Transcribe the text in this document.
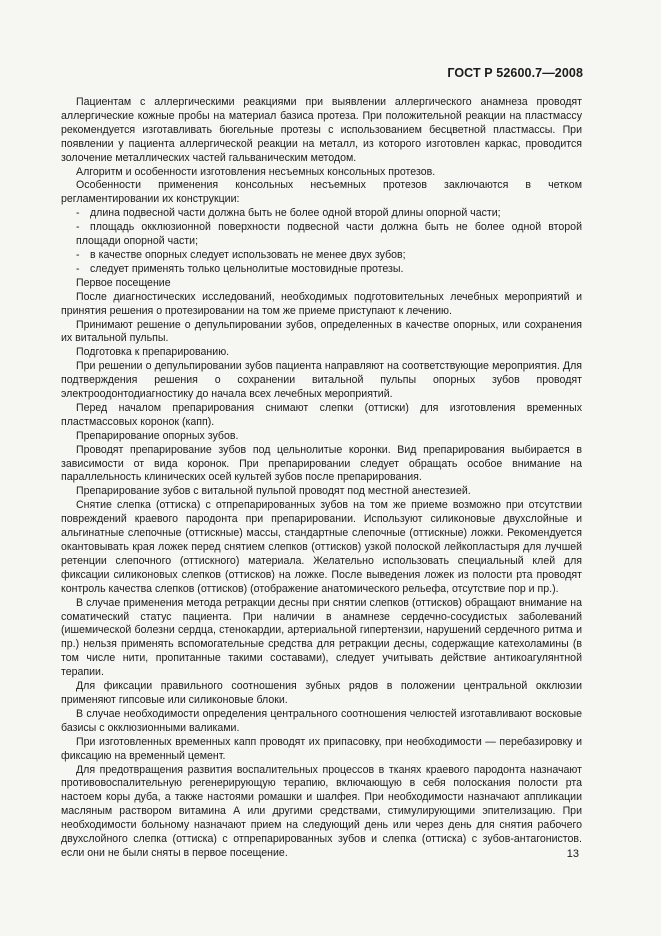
ГОСТ Р 52600.7—2008

Пациентам с аллергическими реакциями при выявлении аллергического анамнеза проводят аллергические кожные пробы на материал базиса протеза. При положительной реакции на пластмассу рекомендуется изготавливать бюгельные протезы с использованием бесцветной пластмассы. При появлении у пациента аллергической реакции на металл, из которого изготовлен каркас, проводится золочение металлических частей гальваническим методом.

Алгоритм и особенности изготовления несъемных консольных протезов.

Особенности применения консольных несъемных протезов заключаются в четком регламентировании их конструкции:

- длина подвесной части должна быть не более одной второй длины опорной части;

- площадь окклюзионной поверхности подвесной части должна быть не более одной второй площади опорной части;

- в качестве опорных следует использовать не менее двух зубов;

- следует применять только цельнолитые мостовидные протезы.

Первое посещение

После диагностических исследований, необходимых подготовительных лечебных мероприятий и принятия решения о протезировании на том же приеме приступают к лечению.

Принимают решение о депульпировании зубов, определенных в качестве опорных, или сохранения их витальной пульпы.

Подготовка к препарированию.

При решении о депульпировании зубов пациента направляют на соответствующие мероприятия. Для подтверждения решения о сохранении витальной пульпы опорных зубов проводят электроодонтодиагностику до начала всех лечебных мероприятий.

Перед началом препарирования снимают слепки (оттиски) для изготовления временных пластмассовых коронок (капп).

Препарирование опорных зубов.

Проводят препарирование зубов под цельнолитые коронки. Вид препарирования выбирается в зависимости от вида коронок. При препарировании следует обращать особое внимание на параллельность клинических осей культей зубов после препарирования.

Препарирование зубов с витальной пульпой проводят под местной анестезией.

Снятие слепка (оттиска) с отпрепарированных зубов на том же приеме возможно при отсутствии повреждений краевого пародонта при препарировании. Используют силиконовые двухслойные и альгинатные слепочные (оттискные) массы, стандартные слепочные (оттискные) ложки. Рекомендуется окантовывать края ложек перед снятием слепков (оттисков) узкой полоской лейкопластыря для лучшей ретенции слепочного (оттискного) материала. Желательно использовать специальный клей для фиксации силиконовых слепков (оттисков) на ложке. После выведения ложек из полости рта проводят контроль качества слепков (оттисков) (отображение анатомического рельефа, отсутствие пор и пр.).

В случае применения метода ретракции десны при снятии слепков (оттисков) обращают внимание на соматический статус пациента. При наличии в анамнезе сердечно-сосудистых заболеваний (ишемической болезни сердца, стенокардии, артериальной гипертензии, нарушений сердечного ритма и пр.) нельзя применять вспомогательные средства для ретракции десны, содержащие катехоламины (в том числе нити, пропитанные такими составами), следует учитывать действие антикоагулянтной терапии.

Для фиксации правильного соотношения зубных рядов в положении центральной окклюзии применяют гипсовые или силиконовые блоки.

В случае необходимости определения центрального соотношения челюстей изготавливают восковые базисы с окклюзионными валиками.

При изготовленных временных капп проводят их припасовку, при необходимости — перебазировку и фиксацию на временный цемент.

Для предотвращения развития воспалительных процессов в тканях краевого пародонта назначают противовоспалительную регенерирующую терапию, включающую в себя полоскания полости рта настоем коры дуба, а также настоями ромашки и шалфея. При необходимости назначают аппликации масляным раствором витамина А или другими средствами, стимулирующими эпителизацию. При необходимости больному назначают прием на следующий день или через день для снятия рабочего двухслойного слепка (оттиска) с отпрепарированных зубов и слепка (оттиска) с зубов-антагонистов. если они не были сняты в первое посещение.	13
